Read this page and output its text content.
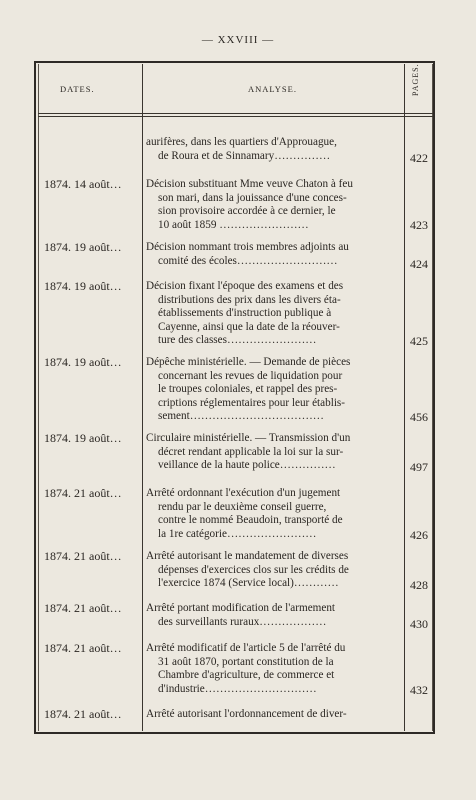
— XXVIII —
DATES.	ANALYSE.	PAGES.
aurifères, dans les quartiers d'Approuague,
de Roura et de Sinnamary……………	422
1874. 14 août…	Décision substituant Mme veuve Chaton à feu
son mari, dans la jouissance d'une conces-
sion provisoire accordée à ce dernier, le
10 août 1859 ……………………	423
1874. 19 août…	Décision nommant trois membres adjoints au
comité des écoles………………………	424
1874. 19 août…	Décision fixant l'époque des examens et des
distributions des prix dans les divers éta-
établissements d'instruction publique à
Cayenne, ainsi que la date de la réouver-
ture des classes……………………	425
1874. 19 août…	Dépêche ministérielle. — Demande de pièces
concernant les revues de liquidation pour
le troupes coloniales, et rappel des pres-
criptions réglementaires pour leur établis-
sement………………………………	456
1874. 19 août…	Circulaire ministérielle. — Transmission d'un
décret rendant applicable la loi sur la sur-
veillance de la haute police……………	497
1874. 21 août…	Arrêté ordonnant l'exécution d'un jugement
rendu par le deuxième conseil guerre,
contre le nommé Beaudoin, transporté de
la 1re catégorie……………………	426
1874. 21 août…	Arrêté autorisant le mandatement de diverses
dépenses d'exercices clos sur les crédits de
l'exercice 1874 (Service local)…………	428
1874. 21 août…	Arrêté portant modification de l'armement
des surveillants ruraux………………	430
1874. 21 août…	Arrêté modificatif de l'article 5 de l'arrêté du
31 août 1870, portant constitution de la
Chambre d'agriculture, de commerce et
d'industrie…………………………	432
1874. 21 août…	Arrêté autorisant l'ordonnancement de diver-
